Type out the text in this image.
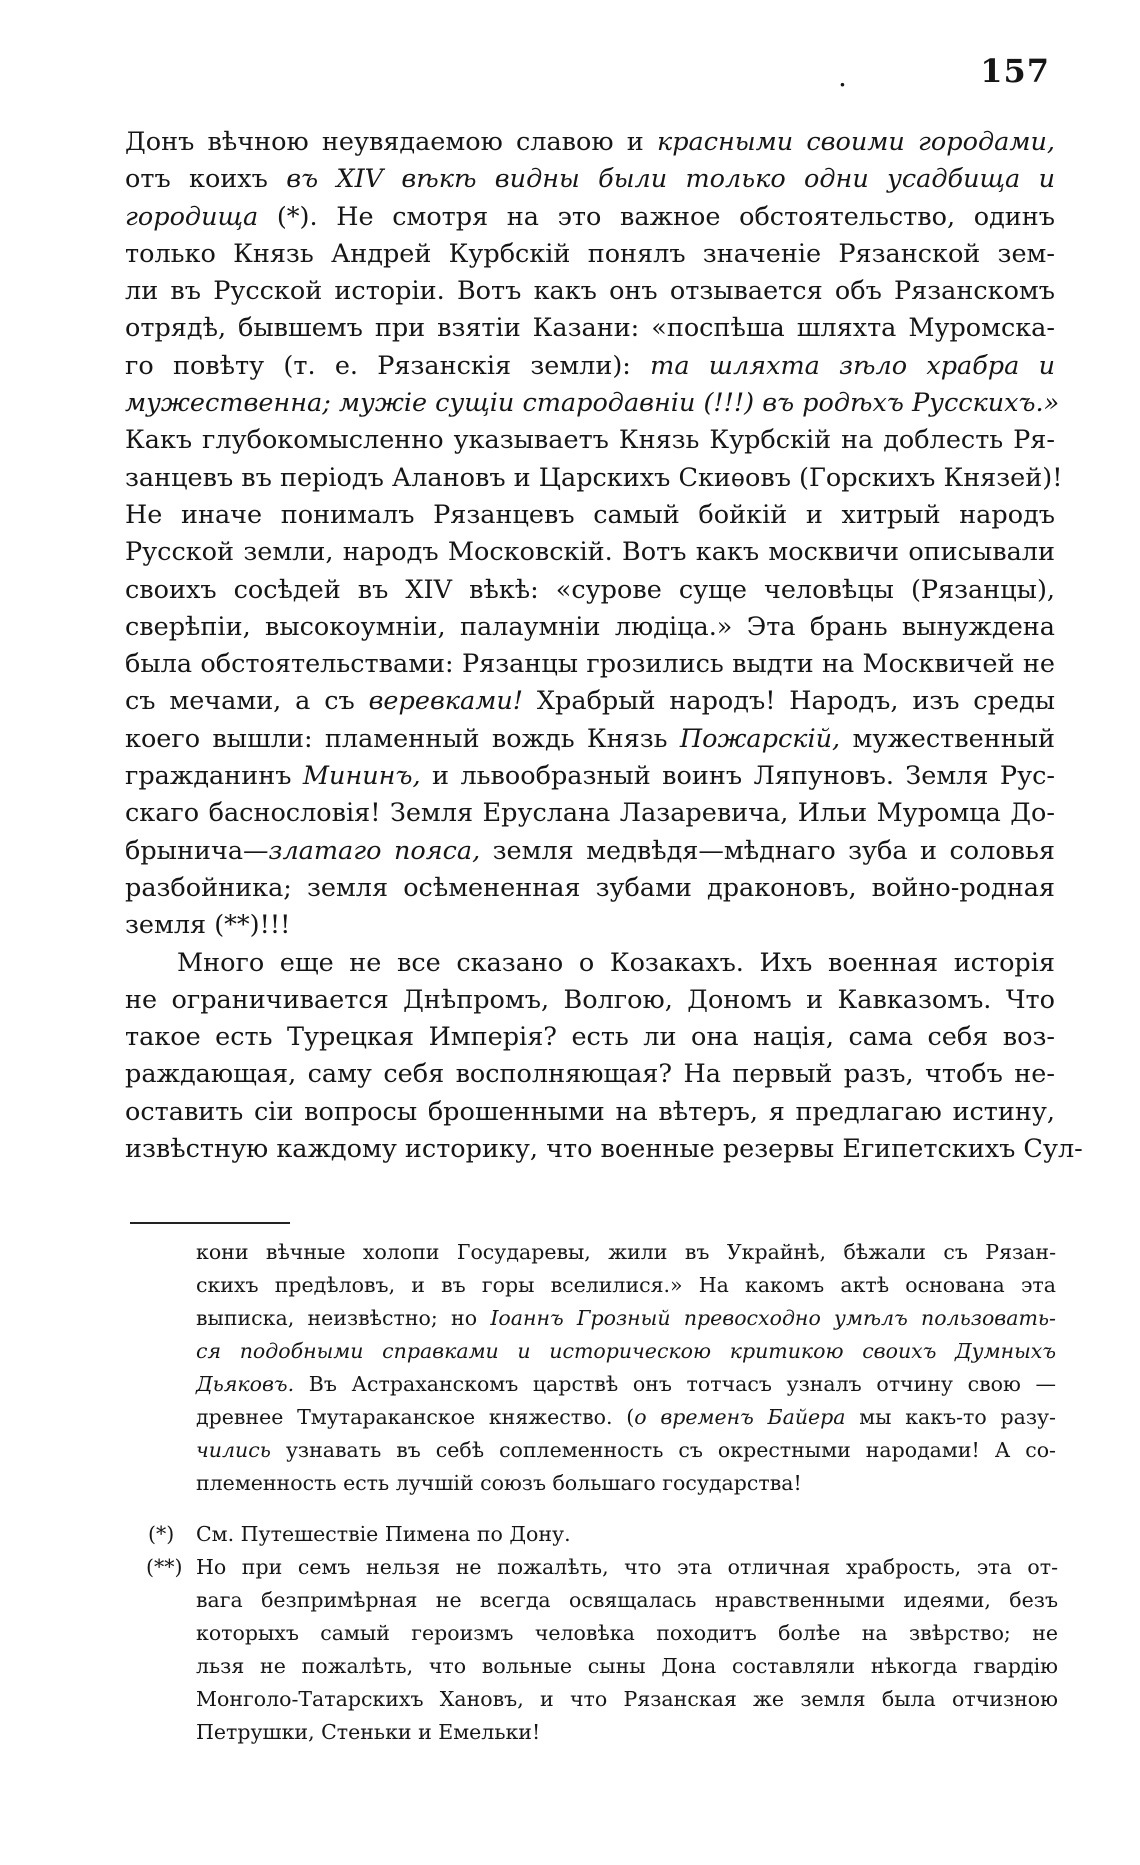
.	157
Донъ вѣчною неувядаемою славою и красными своими городами,
отъ коихъ въ XIV вѣкѣ видны были только одни усадбища и
городища (*). Не смотря на это важное обстоятельство, одинъ
только Князь Андрей Курбскій понялъ значеніе Рязанской зем-
ли въ Русской исторіи. Вотъ какъ онъ отзывается объ Рязанскомъ
отрядѣ, бывшемъ при взятіи Казани: «поспѣша шляхта Муромска-
го повѣту (т. е. Рязанскія земли): та шляхта зѣло храбра и
мужественна; мужіе сущіи стародавніи (!!!) въ родѣхъ Русскихъ.»
Какъ глубокомысленно указываетъ Князь Курбскій на доблесть Ря-
занцевъ въ періодъ Алановъ и Царскихъ Скиѳовъ (Горскихъ Князей)!
Не иначе понималъ Рязанцевъ самый бойкій и хитрый народъ
Русской земли, народъ Московскій. Вотъ какъ москвичи описывали
своихъ сосѣдей въ XIV вѣкѣ: «сурове суще человѣцы (Рязанцы),
сверѣпіи, высокоумніи, палаумніи людіца.» Эта брань вынуждена
была обстоятельствами: Рязанцы грозились выдти на Москвичей не
съ мечами, а съ веревками! Храбрый народъ! Народъ, изъ среды
коего вышли: пламенный вождь Князь Пожарскій, мужественный
гражданинъ Мининъ, и львообразный воинъ Ляпуновъ. Земля Рус-
скаго баснословія! Земля Еруслана Лазаревича, Ильи Муромца До-
брынича—златаго пояса, земля медвѣдя—мѣднаго зуба и соловья
разбойника; земля осѣмененная зубами драконовъ, войно-родная
земля (**)!!!
Много еще не все сказано о Козакахъ. Ихъ военная исторія
не ограничивается Днѣпромъ, Волгою, Дономъ и Кавказомъ. Что
такое есть Турецкая Имперія? есть ли она нація, сама себя воз-
раждающая, саму себя восполняющая? На первый разъ, чтобъ не-
оставить сіи вопросы брошенными на вѣтеръ, я предлагаю истину,
извѣстную каждому историку, что военные резервы Египетскихъ Сул-
кони вѣчные холопи Государевы, жили въ Украйнѣ, бѣжали съ Рязан-
скихъ предѣловъ, и въ горы вселилися.» На какомъ актѣ основана эта
выписка, неизвѣстно; но Іоаннъ Грозный превосходно умѣлъ пользовать-
ся подобными справками и историческою критикою своихъ Думныхъ
Дьяковъ. Въ Астраханскомъ царствѣ онъ тотчасъ узналъ отчину свою —
древнее Тмутараканское княжество. (о временъ Байера мы какъ-то разу-
чились узнавать въ себѣ соплеменность съ окрестными народами! А со-
племенность есть лучшій союзъ большаго государства!
(*) См. Путешествіе Пимена по Дону.
(**) Но при семъ нельзя не пожалѣть, что эта отличная храбрость, эта от-
вага безпримѣрная не всегда освящалась нравственными идеями, безъ
которыхъ самый героизмъ человѣка походитъ болѣе на звѣрство; не
льзя не пожалѣть, что вольные сыны Дона составляли нѣкогда гвардію
Монголо-Татарскихъ Хановъ, и что Рязанская же земля была отчизною
Петрушки, Стеньки и Емельки!
